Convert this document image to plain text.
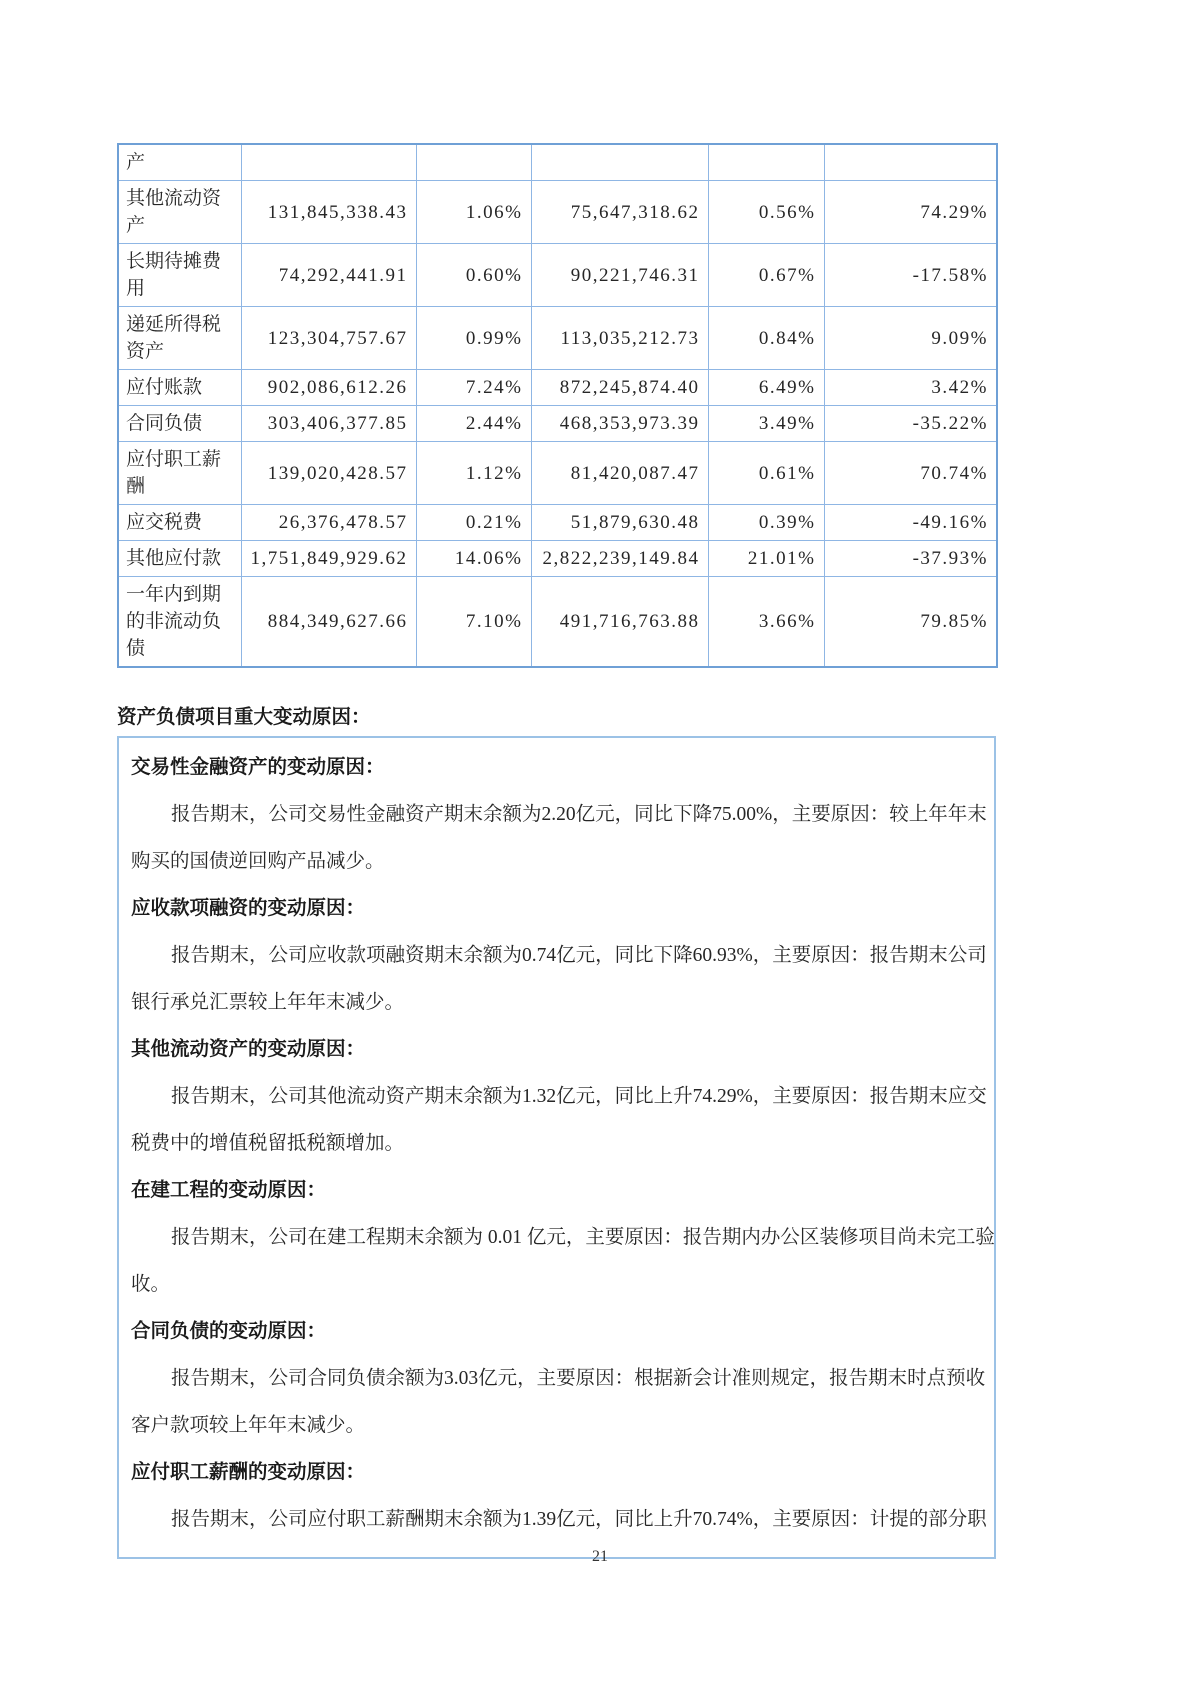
产					
其他流动资产	131,845,338.43	1.06%	75,647,318.62	0.56%	74.29%
长期待摊费用	74,292,441.91	0.60%	90,221,746.31	0.67%	-17.58%
递延所得税资产	123,304,757.67	0.99%	113,035,212.73	0.84%	9.09%
应付账款	902,086,612.26	7.24%	872,245,874.40	6.49%	3.42%
合同负债	303,406,377.85	2.44%	468,353,973.39	3.49%	-35.22%
应付职工薪酬	139,020,428.57	1.12%	81,420,087.47	0.61%	70.74%
应交税费	26,376,478.57	0.21%	51,879,630.48	0.39%	-49.16%
其他应付款	1,751,849,929.62	14.06%	2,822,239,149.84	21.01%	-37.93%
一年内到期的非流动负债	884,349,627.66	7.10%	491,716,763.88	3.66%	79.85%
资产负债项目重大变动原因：
交易性金融资产的变动原因：
报告期末，公司交易性金融资产期末余额为2.20亿元，同比下降75.00%，主要原因：较上年年末
购买的国债逆回购产品减少。
应收款项融资的变动原因：
报告期末，公司应收款项融资期末余额为0.74亿元，同比下降60.93%，主要原因：报告期末公司
银行承兑汇票较上年年末减少。
其他流动资产的变动原因：
报告期末，公司其他流动资产期末余额为1.32亿元，同比上升74.29%，主要原因：报告期末应交
税费中的增值税留抵税额增加。
在建工程的变动原因：
报告期末，公司在建工程期末余额为 0.01 亿元，主要原因：报告期内办公区装修项目尚未完工验
收。
合同负债的变动原因：
报告期末，公司合同负债余额为3.03亿元，主要原因：根据新会计准则规定，报告期末时点预收
客户款项较上年年末减少。
应付职工薪酬的变动原因：
报告期末，公司应付职工薪酬期末余额为1.39亿元，同比上升70.74%，主要原因：计提的部分职
21
